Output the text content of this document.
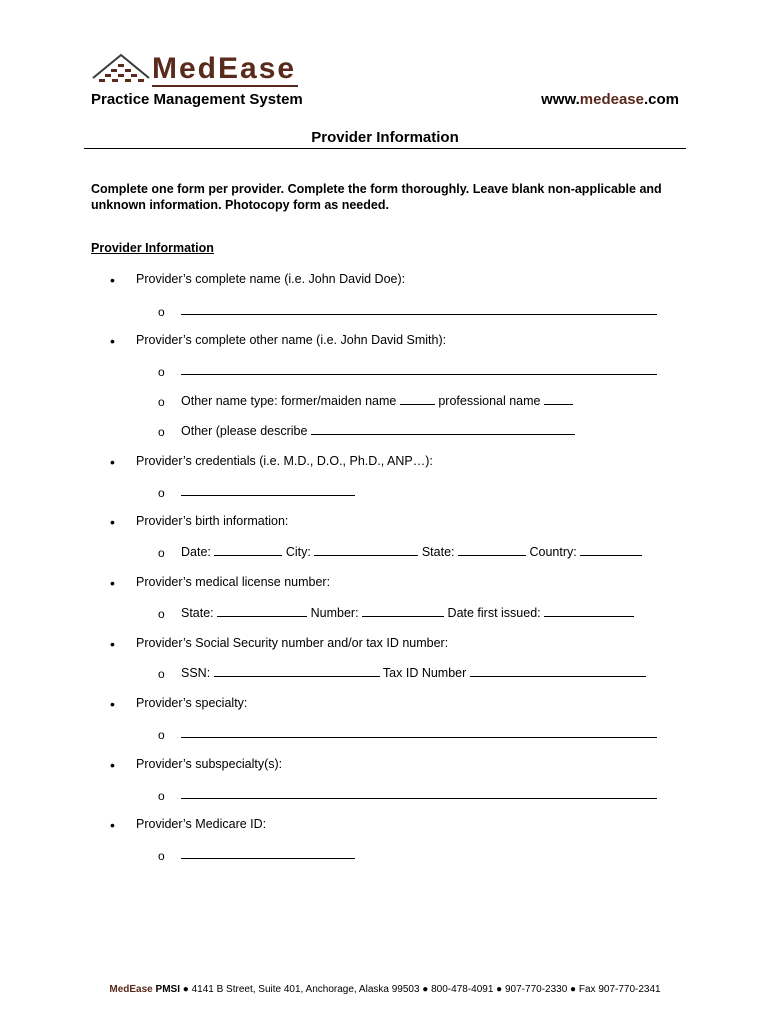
MedEase
Practice Management System	www.medease.com
Provider Information
Complete one form per provider. Complete the form thoroughly. Leave blank non-applicable and unknown information. Photocopy form as needed.
Provider Information
• Provider’s complete name (i.e. John David Doe):
o
• Provider’s complete other name (i.e. John David Smith):
o
o Other name type: former/maiden name	professional name
o Other (please describe
• Provider’s credentials (i.e. M.D., D.O., Ph.D., ANP…):
o
• Provider’s birth information:
o Date:	City:	State:	Country:
• Provider’s medical license number:
o State:	Number:	Date first issued:
• Provider’s Social Security number and/or tax ID number:
o SSN:	Tax ID Number
• Provider’s specialty:
o
• Provider’s subspecialty(s):
o
• Provider’s Medicare ID:
o
MedEase PMSI ● 4141 B Street, Suite 401, Anchorage, Alaska 99503 ● 800-478-4091 ● 907-770-2330 ● Fax 907-770-2341
